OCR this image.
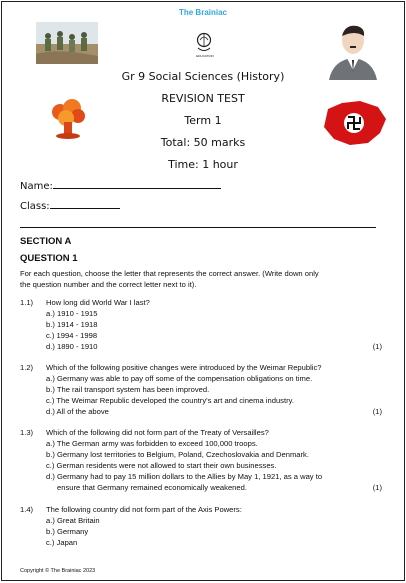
The Brainiac
EDUCATION
Gr 9 Social Sciences (History)
REVISION TEST
Term 1
Total: 50 marks
Time: 1 hour
Name:
Class:
SECTION A
QUESTION 1
For each question, choose the letter that represents the correct answer. (Write down only
the question number and the correct letter next to it).
1.1) How long did World War I last?
a.) 1910 - 1915
b.) 1914 - 1918
c.) 1994 - 1998
d.) 1890 - 1910	(1)
1.2) Which of the following positive changes were introduced by the Weimar Republic?
a.) Germany was able to pay off some of the compensation obligations on time.
b.) The rail transport system has been improved.
c.) The Weimar Republic developed the country's art and cinema industry.
d.) All of the above	(1)
1.3) Which of the following did not form part of the Treaty of Versailles?
a.) The German army was forbidden to exceed 100,000 troops.
b.) Germany lost territories to Belgium, Poland, Czechoslovakia and Denmark.
c.) German residents were not allowed to start their own businesses.
d.) Germany had to pay 15 million dollars to the Allies by May 1, 1921, as a way to
ensure that Germany remained economically weakened.	(1)
1.4) The following country did not form part of the Axis Powers:
a.) Great Britain
b.) Germany
c.) Japan
Copyright © The Brainiac 2023
